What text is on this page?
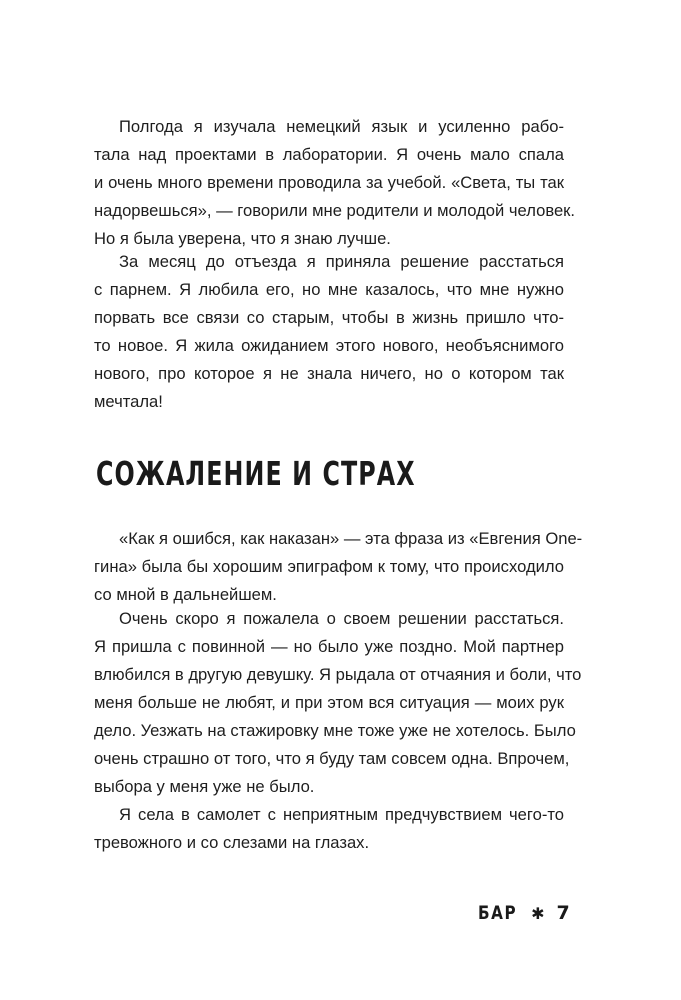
Полгода я изучала немецкий язык и усиленно рабо-
тала над проектами в лаборатории. Я очень мало спала
и очень много времени проводила за учебой. «Света, ты так
надорвешься», — говорили мне родители и молодой человек.
Но я была уверена, что я знаю лучше.
За месяц до отъезда я приняла решение расстаться
с парнем. Я любила его, но мне казалось, что мне нужно
порвать все связи со старым, чтобы в жизнь пришло что-
то новое. Я жила ожиданием этого нового, необъяснимого
нового, про которое я не знала ничего, но о котором так
мечтала!
СОЖАЛЕНИЕ И СТРАХ
«Как я ошибся, как наказан» — эта фраза из «Евгения One-
гина» была бы хорошим эпиграфом к тому, что происходило
со мной в дальнейшем.
Очень скоро я пожалела о своем решении расстаться.
Я пришла с повинной — но было уже поздно. Мой партнер
влюбился в другую девушку. Я рыдала от отчаяния и боли, что
меня больше не любят, и при этом вся ситуация — моих рук
дело. Уезжать на стажировку мне тоже уже не хотелось. Было
очень страшно от того, что я буду там совсем одна. Впрочем,
выбора у меня уже не было.
Я села в самолет с неприятным предчувствием чего-то
тревожного и со слезами на глазах.
БАР ✱ 7
